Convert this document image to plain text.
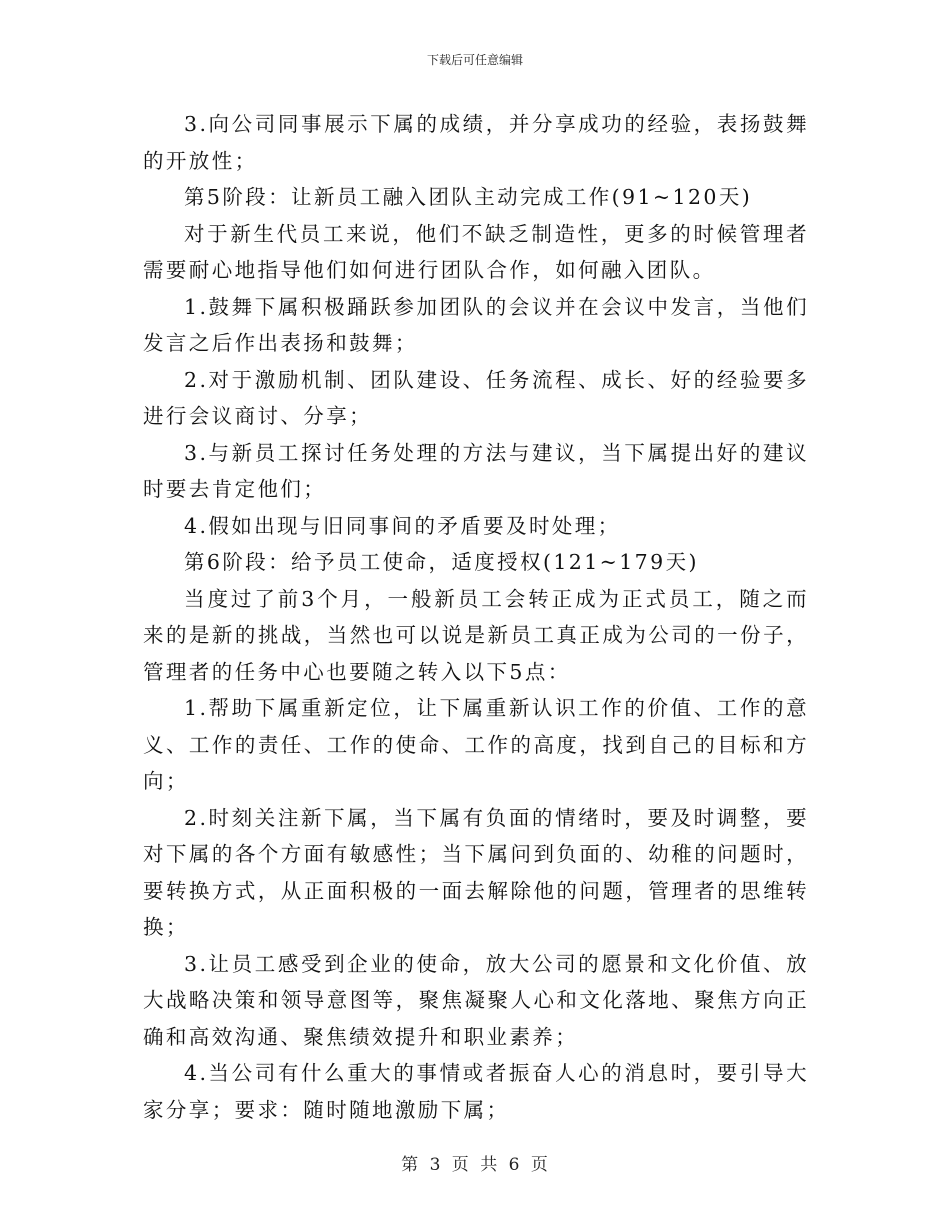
下载后可任意编辑

3.向公司同事展示下属的成绩，并分享成功的经验，表扬鼓舞的开放性；

第5阶段：让新员工融入团队主动完成工作(91~120天)

对于新生代员工来说，他们不缺乏制造性，更多的时候管理者需要耐心地指导他们如何进行团队合作，如何融入团队。

1.鼓舞下属积极踊跃参加团队的会议并在会议中发言，当他们发言之后作出表扬和鼓舞；

2.对于激励机制、团队建设、任务流程、成长、好的经验要多进行会议商讨、分享；

3.与新员工探讨任务处理的方法与建议，当下属提出好的建议时要去肯定他们；

4.假如出现与旧同事间的矛盾要及时处理；

第6阶段：给予员工使命，适度授权(121~179天)

当度过了前3个月，一般新员工会转正成为正式员工，随之而来的是新的挑战，当然也可以说是新员工真正成为公司的一份子，管理者的任务中心也要随之转入以下5点：

1.帮助下属重新定位，让下属重新认识工作的价值、工作的意义、工作的责任、工作的使命、工作的高度，找到自己的目标和方向；

2.时刻关注新下属，当下属有负面的情绪时，要及时调整，要对下属的各个方面有敏感性；当下属问到负面的、幼稚的问题时，要转换方式，从正面积极的一面去解除他的问题，管理者的思维转换；

3.让员工感受到企业的使命，放大公司的愿景和文化价值、放大战略决策和领导意图等，聚焦凝聚人心和文化落地、聚焦方向正确和高效沟通、聚焦绩效提升和职业素养；

4.当公司有什么重大的事情或者振奋人心的消息时，要引导大家分享；要求：随时随地激励下属；

第 3 页 共 6 页
